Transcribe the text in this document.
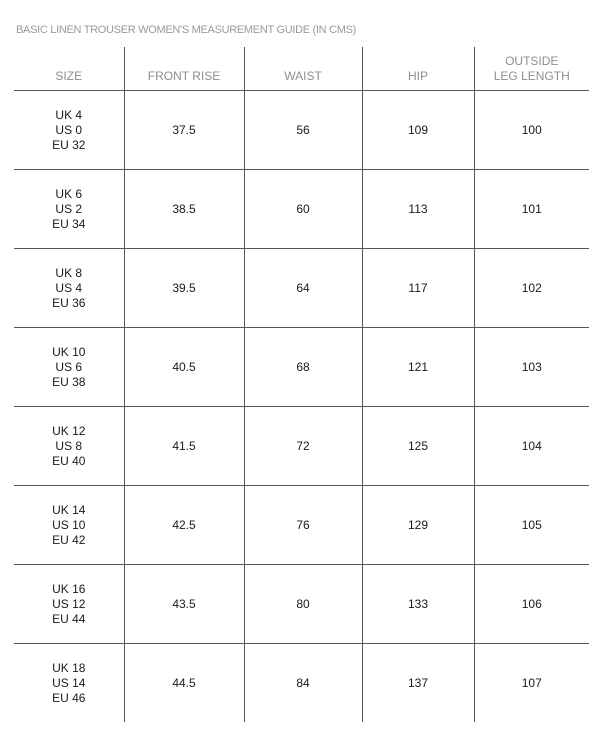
BASIC LINEN TROUSER WOMEN'S MEASUREMENT GUIDE (IN CMS)
SIZE	FRONT RISE	WAIST	HIP	OUTSIDE
LEG LENGTH

UK 4
US 0
EU 32	37.5	56	109	100

UK 6
US 2
EU 34	38.5	60	113	101

UK 8
US 4
EU 36	39.5	64	117	102

UK 10
US 6
EU 38	40.5	68	121	103

UK 12
US 8
EU 40	41.5	72	125	104

UK 14
US 10
EU 42	42.5	76	129	105

UK 16
US 12
EU 44	43.5	80	133	106

UK 18
US 14
EU 46	44.5	84	137	107
